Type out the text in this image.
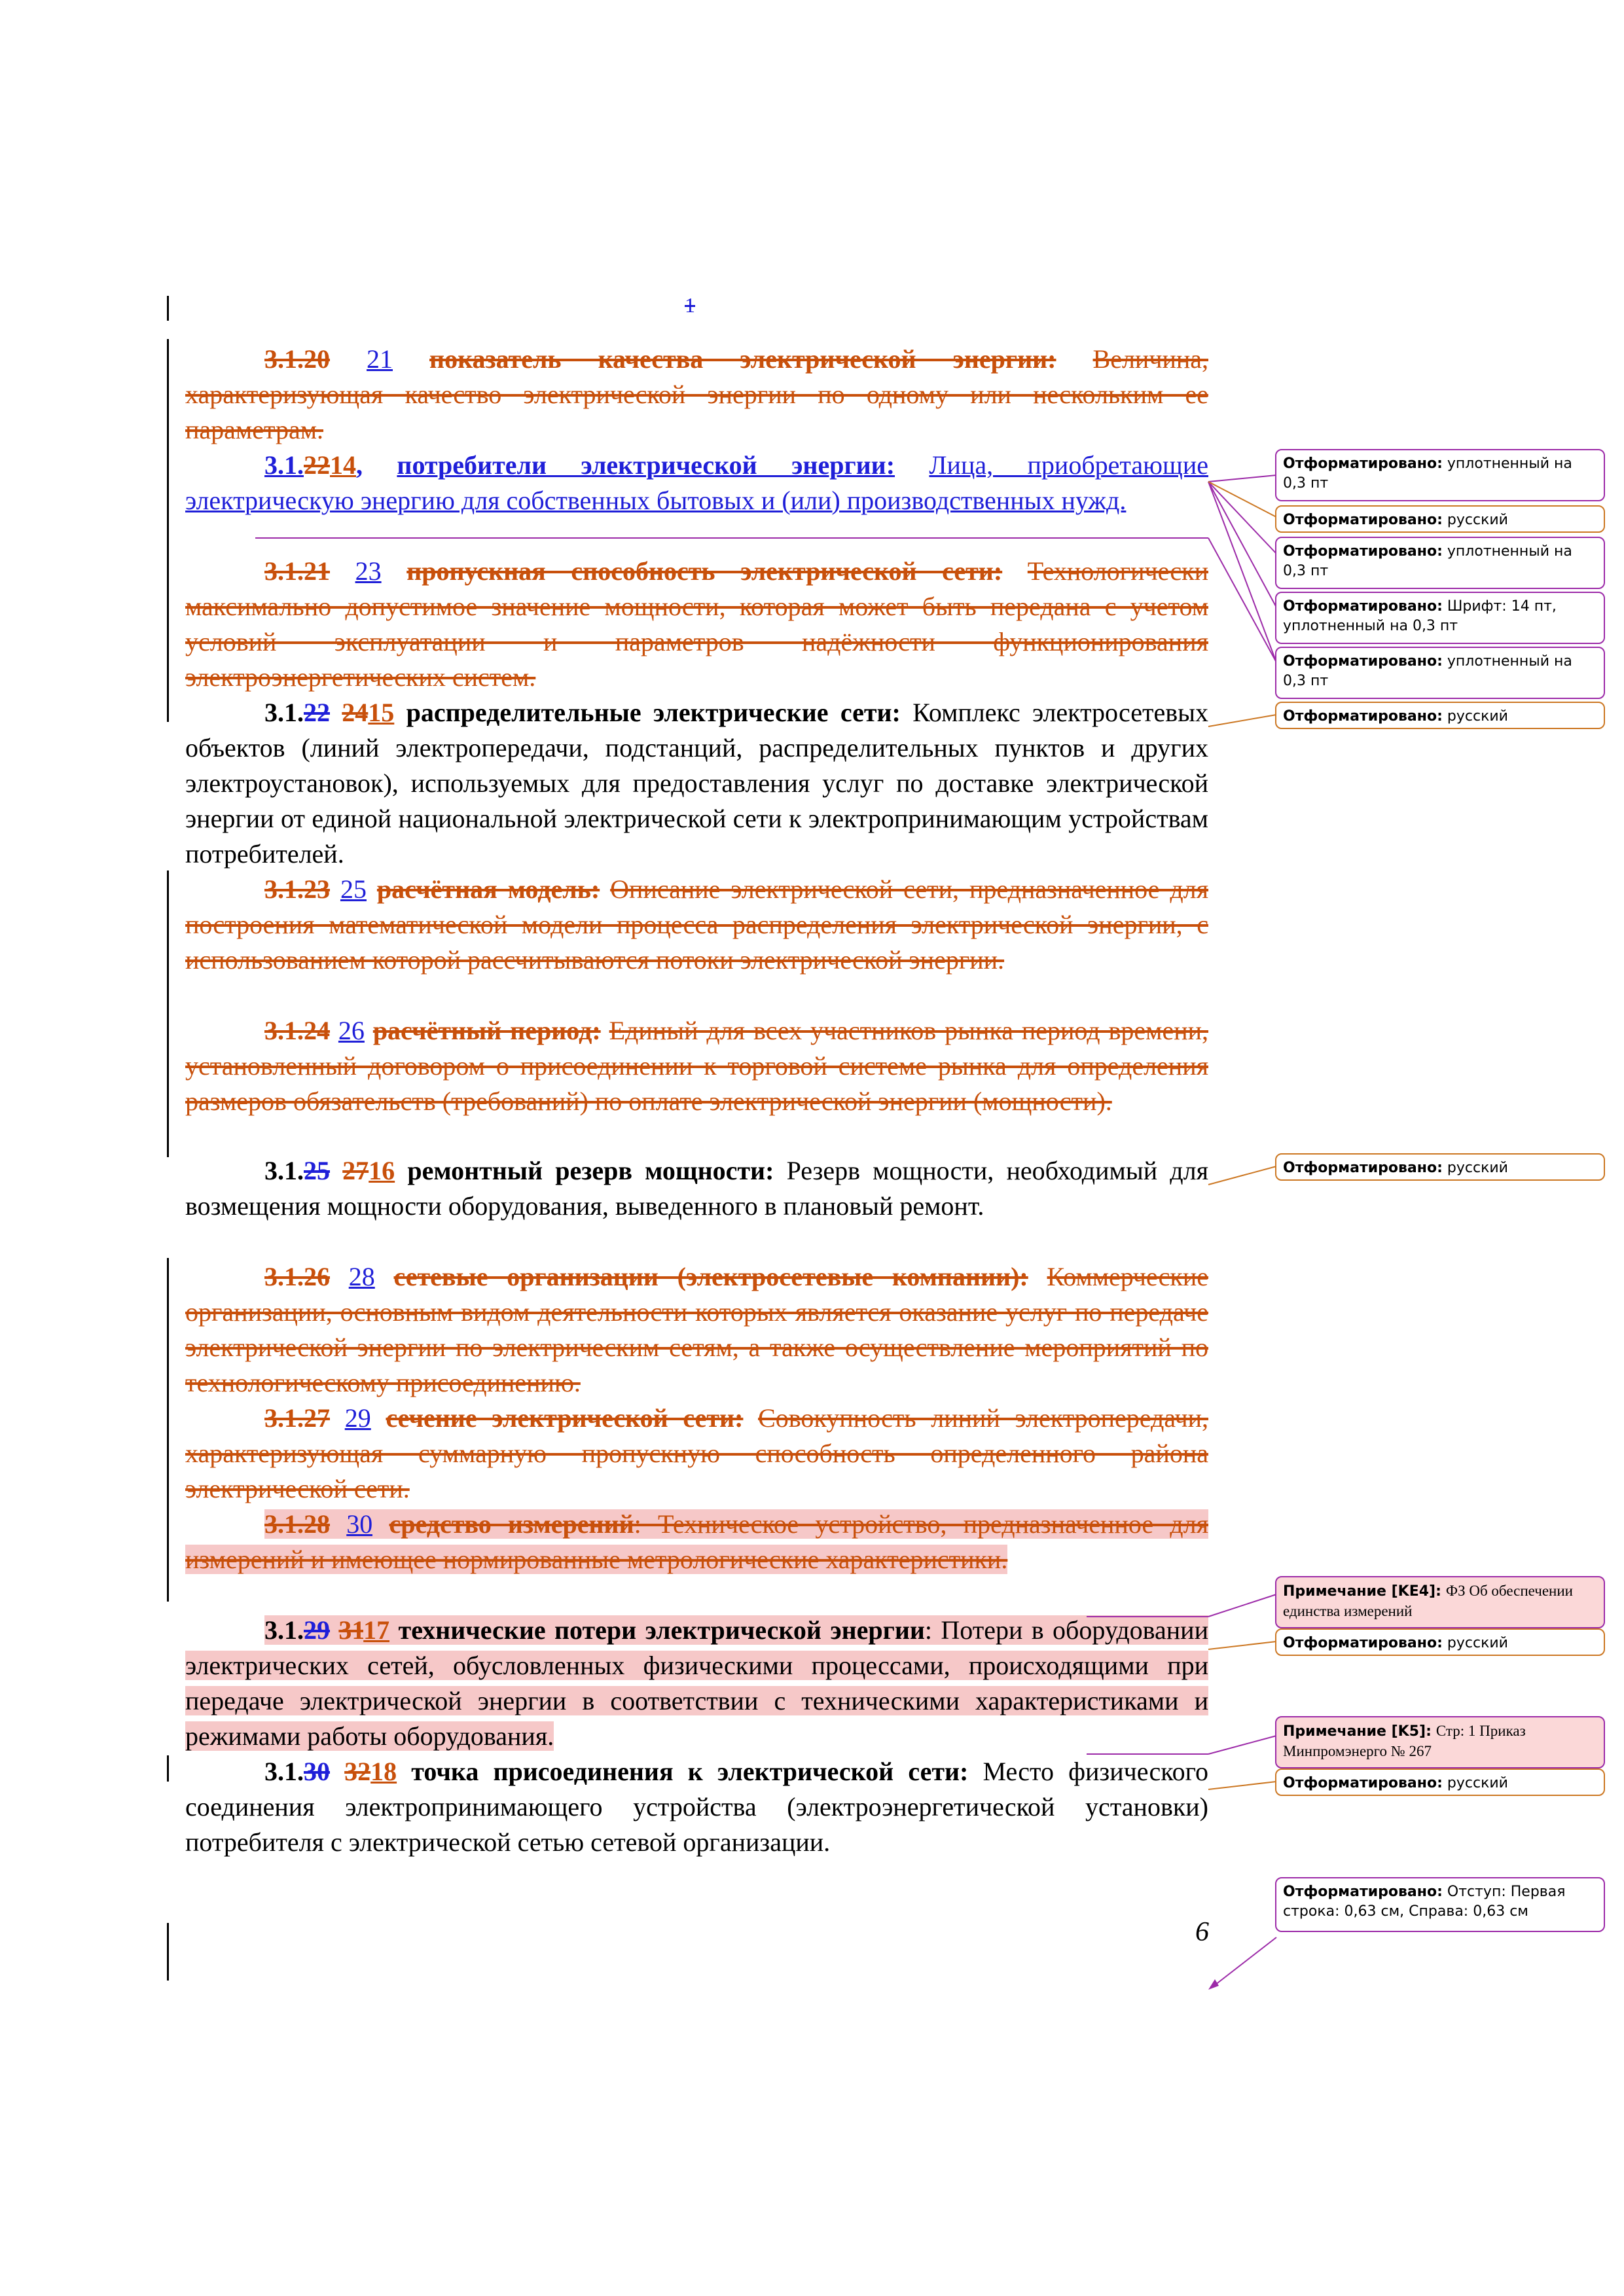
1
3.1.20 21 показатель качества электрической энергии: Величина, характеризующая качество электрической энергии по одному или нескольким ее параметрам.
3.1.2214, потребители электрической энергии: Лица, приобретающие электрическую энергию для собственных бытовых и (или) производственных нужд.
3.1.21 23 пропускная способность электрической сети: Технологически максимально допустимое значение мощности, которая может быть передана с учетом условий эксплуатации и параметров надёжности функционирования электроэнергетических систем.
3.1.22 2415 распределительные электрические сети: Комплекс электросетевых объектов (линий электропередачи, подстанций, распределительных пунктов и других электроустановок), используемых для предоставления услуг по доставке электрической энергии от единой национальной электрической сети к электропринимающим устройствам потребителей.
3.1.23 25 расчётная модель: Описание электрической сети, предназначенное для построения математической модели процесса распределения электрической энергии, с использованием которой рассчитываются потоки электрической энергии.
3.1.24 26 расчётный период: Единый для всех участников рынка период времени, установленный договором о присоединении к торговой системе рынка для определения размеров обязательств (требований) по оплате электрической энергии (мощности).
3.1.25 2716 ремонтный резерв мощности: Резерв мощности, необходимый для возмещения мощности оборудования, выведенного в плановый ремонт.
3.1.26 28 сетевые организации (электросетевые компании): Коммерческие организации, основным видом деятельности которых является оказание услуг по передаче электрической энергии по электрическим сетям, а также осуществление мероприятий по технологическому присоединению.
3.1.27 29 сечение электрической сети: Совокупность линий электропередачи, характеризующая суммарную пропускную способность определенного района электрической сети.
3.1.28 30 средство измерений: Техническое устройство, предназначенное для измерений и имеющее нормированные метрологические характеристики.
3.1.29 3117 технические потери электрической энергии: Потери в оборудовании электрических сетей, обусловленных физическими процессами, происходящими при передаче электрической энергии в соответствии с техническими характеристиками и режимами работы оборудования.
3.1.30 3218 точка присоединения к электрической сети: Место физического соединения электропринимающего устройства (электроэнергетической установки) потребителя с электрической сетью сетевой организации.
6
Отформатировано: уплотненный на 0,3 пт
Отформатировано: русский
Отформатировано: уплотненный на 0,3 пт
Отформатировано: Шрифт: 14 пт, уплотненный на 0,3 пт
Отформатировано: уплотненный на 0,3 пт
Отформатировано: русский
Отформатировано: русский
Примечание [KE4]: ФЗ Об обеспечении единства измерений
Отформатировано: русский
Примечание [K5]: Стр: 1 Приказ Минпромэнерго № 267
Отформатировано: русский
Отформатировано: Отступ: Первая строка: 0,63 см, Справа: 0,63 см
